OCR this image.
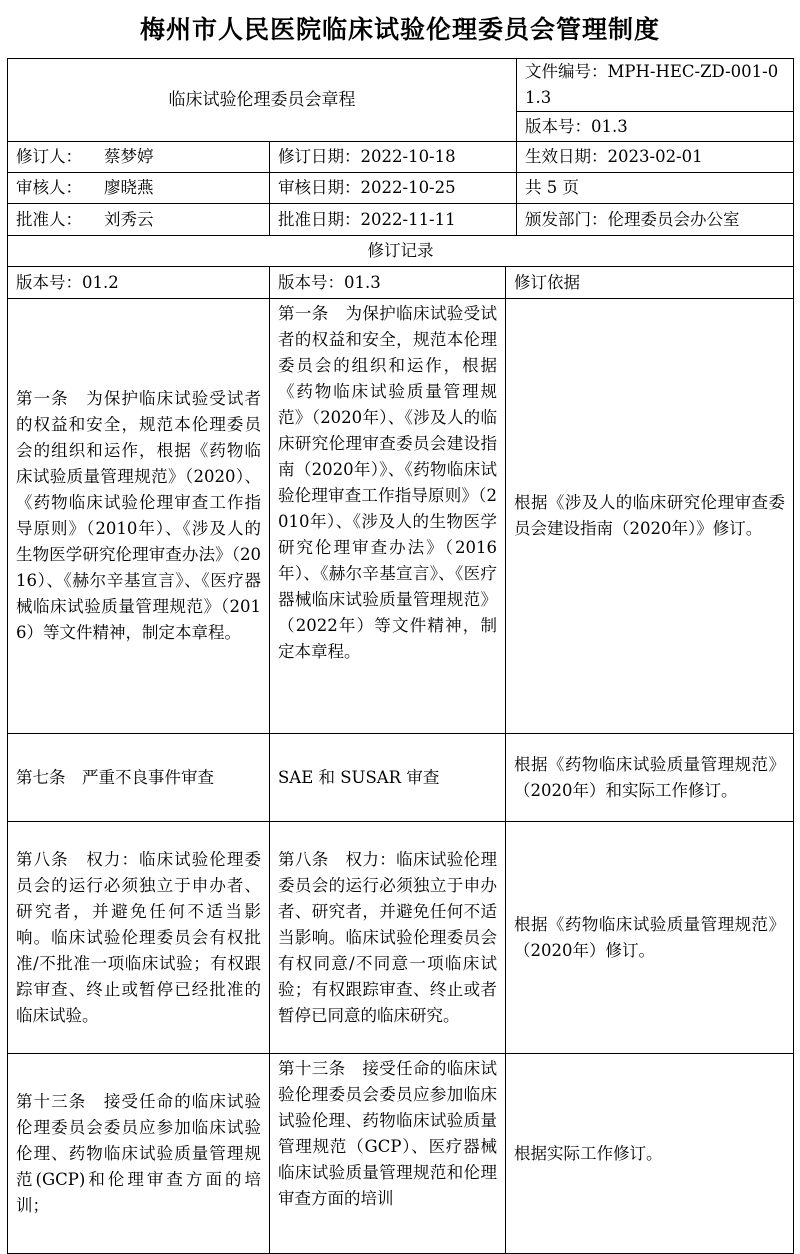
梅州市人民医院临床试验伦理委员会管理制度
临床试验伦理委员会章程			文件编号：MPH-HEC-ZD-001-01.3
			版本号：01.3
修订人： 蔡梦婷	修订日期：2022-10-18		生效日期：2023-02-01
审核人： 廖晓燕	审核日期：2022-10-25		共 5 页
批准人： 刘秀云	批准日期：2022-11-11		颁发部门：伦理委员会办公室
修订记录			
版本号：01.2	版本号：01.3	修订依据	
第一条　为保护临床试验受试者的权益和安全，规范本伦理委员会的组织和运作，根据《药物临床试验质量管理规范》（2020）、《药物临床试验伦理审查工作指导原则》（2010年）、《涉及人的生物医学研究伦理审查办法》（2016）、《赫尔辛基宣言》、《医疗器械临床试验质量管理规范》（2016）等文件精神，制定本章程。	第一条　为保护临床试验受试者的权益和安全，规范本伦理委员会的组织和运作，根据《药物临床试验质量管理规范》（2020年）、《涉及人的临床研究伦理审查委员会建设指南（2020年）》、《药物临床试验伦理审查工作指导原则》（2010年）、《涉及人的生物医学研究伦理审查办法》（2016年）、《赫尔辛基宣言》、《医疗器械临床试验质量管理规范》（2022年）等文件精神，制定本章程。	根据《涉及人的临床研究伦理审查委员会建设指南（2020年）》修订。	
第七条　严重不良事件审查	SAE 和 SUSAR 审查	根据《药物临床试验质量管理规范》（2020年）和实际工作修订。	
第八条　权力：临床试验伦理委员会的运行必须独立于申办者、研究者，并避免任何不适当影响。临床试验伦理委员会有权批准/不批准一项临床试验；有权跟踪审查、终止或暂停已经批准的临床试验。	第八条　权力：临床试验伦理委员会的运行必须独立于申办者、研究者，并避免任何不适当影响。临床试验伦理委员会有权同意/不同意一项临床试验；有权跟踪审查、终止或者暂停已同意的临床研究。	根据《药物临床试验质量管理规范》（2020年）修订。	
第十三条　接受任命的临床试验伦理委员会委员应参加临床试验伦理、药物临床试验质量管理规范(GCP)和伦理审查方面的培训；	第十三条　接受任命的临床试验伦理委员会委员应参加临床试验伦理、药物临床试验质量管理规范（GCP）、医疗器械临床试验质量管理规范和伦理审查方面的培训	根据实际工作修订。	
